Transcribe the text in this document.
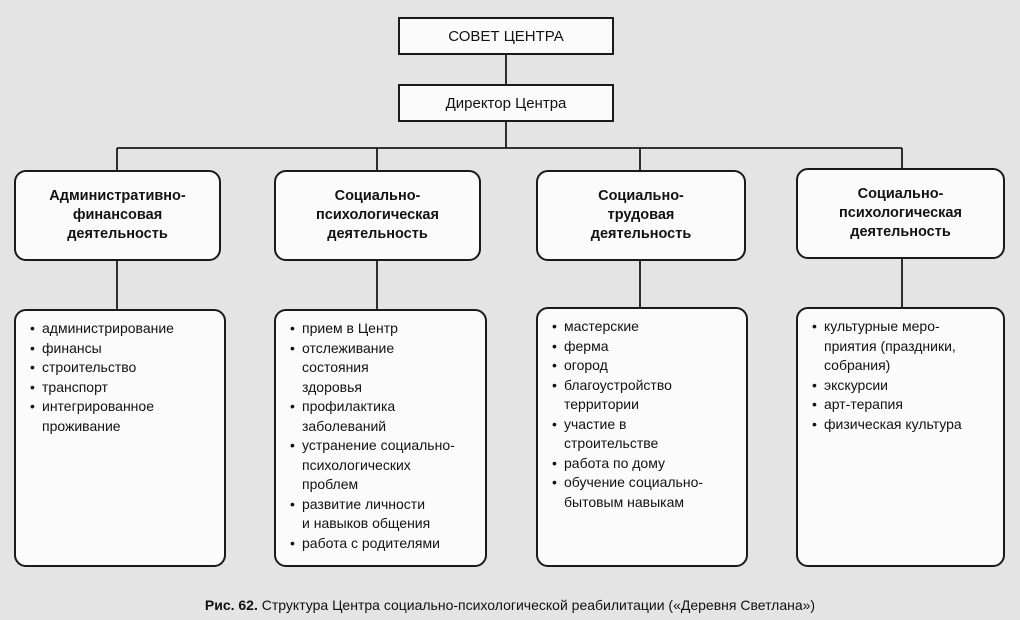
СОВЕТ ЦЕНТРА
Директор Центра
Административно-
финансовая
деятельность
Социально-
психологическая
деятельность
Социально-
трудовая
деятельность
Социально-
психологическая
деятельность
• администрирование
• финансы
• строительство
• транспорт
• интегрированное
проживание
• прием в Центр
• отслеживание
состояния
здоровья
• профилактика
заболеваний
• устранение социально-
психологических
проблем
• развитие личности
и навыков общения
• работа с родителями
• мастерские
• ферма
• огород
• благоустройство
территории
• участие в
строительстве
• работа по дому
• обучение социально-
бытовым навыкам
• культурные меро-
приятия (праздники,
собрания)
• экскурсии
• арт-терапия
• физическая культура
Рис. 62. Структура Центра социально-психологической реабилитации («Деревня Светлана»)
